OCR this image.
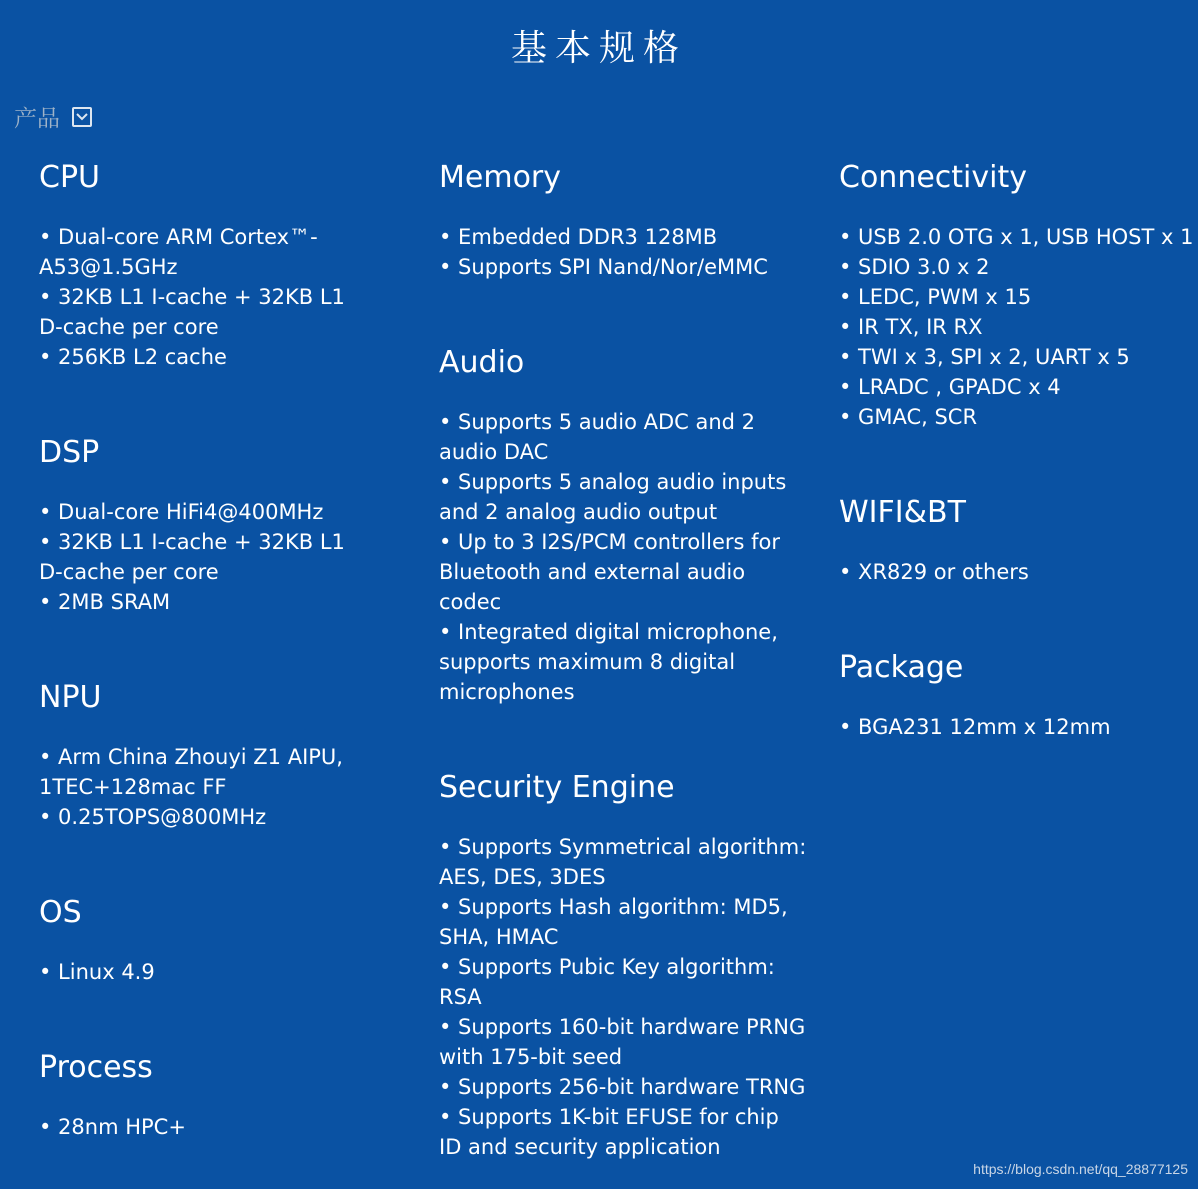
基本规格
产品
CPU
• Dual-core ARM Cortex™-
A53@1.5GHz
• 32KB L1 I-cache + 32KB L1
D-cache per core
• 256KB L2 cache
DSP
• Dual-core HiFi4@400MHz
• 32KB L1 I-cache + 32KB L1
D-cache per core
• 2MB SRAM
NPU
• Arm China Zhouyi Z1 AIPU,
1TEC+128mac FF
• 0.25TOPS@800MHz
OS
• Linux 4.9
Process
• 28nm HPC+
Memory
• Embedded DDR3 128MB
• Supports SPI Nand/Nor/eMMC
Audio
• Supports 5 audio ADC and 2
audio DAC
• Supports 5 analog audio inputs
and 2 analog audio output
• Up to 3 I2S/PCM controllers for
Bluetooth and external audio
codec
• Integrated digital microphone,
supports maximum 8 digital
microphones
Security Engine
• Supports Symmetrical algorithm:
AES, DES, 3DES
• Supports Hash algorithm: MD5,
SHA, HMAC
• Supports Pubic Key algorithm:
RSA
• Supports 160-bit hardware PRNG
with 175-bit seed
• Supports 256-bit hardware TRNG
• Supports 1K-bit EFUSE for chip
ID and security application
Connectivity
• USB 2.0 OTG x 1, USB HOST x 1
• SDIO 3.0 x 2
• LEDC, PWM x 15
• IR TX, IR RX
• TWI x 3, SPI x 2, UART x 5
• LRADC , GPADC x 4
• GMAC, SCR
WIFI&BT
• XR829 or others
Package
• BGA231 12mm x 12mm
https://blog.csdn.net/qq_28877125
